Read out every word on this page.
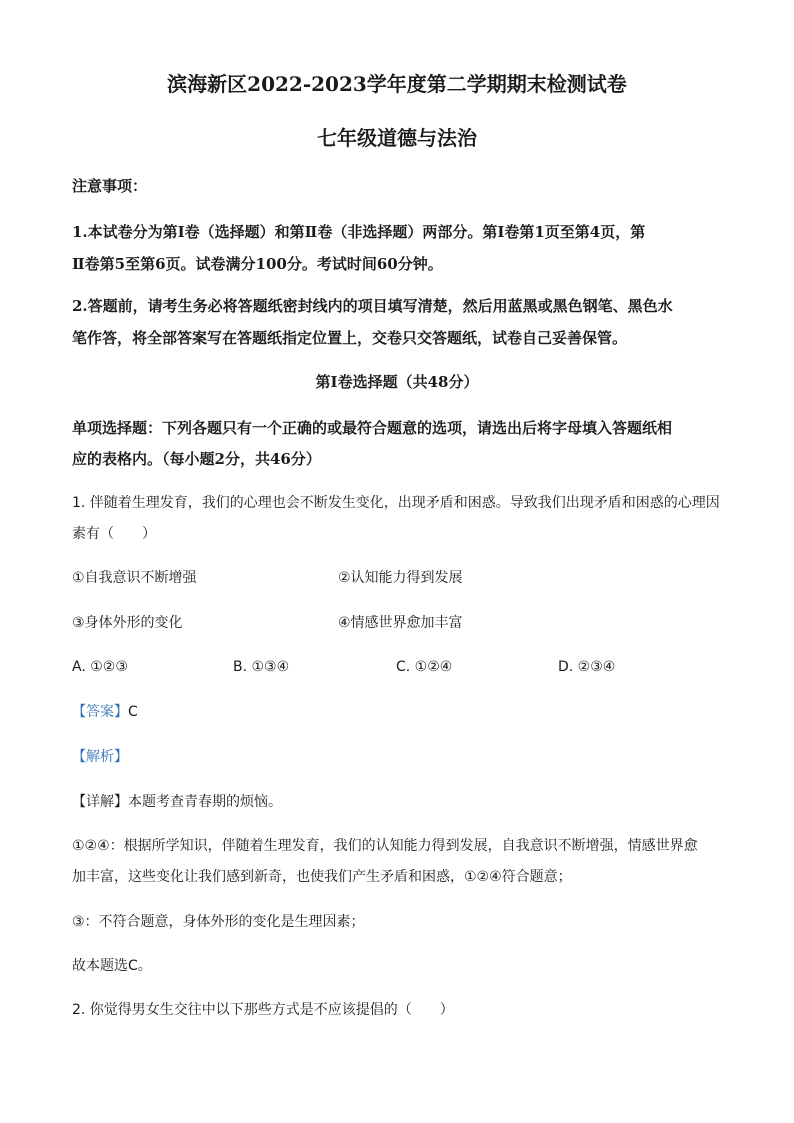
滨海新区2022-2023学年度第二学期期末检测试卷
七年级道德与法治
注意事项：
1.本试卷分为第Ⅰ卷（选择题）和第Ⅱ卷（非选择题）两部分。第Ⅰ卷第1页至第4页，第
Ⅱ卷第5至第6页。试卷满分100分。考试时间60分钟。
2.答题前，请考生务必将答题纸密封线内的项目填写清楚，然后用蓝黑或黑色钢笔、黑色水
笔作答，将全部答案写在答题纸指定位置上，交卷只交答题纸，试卷自己妥善保管。
第Ⅰ卷选择题（共48分）
单项选择题：下列各题只有一个正确的或最符合题意的选项，请选出后将字母填入答题纸相
应的表格内。（每小题2分，共46分）
1. 伴随着生理发育，我们的心理也会不断发生变化，出现矛盾和困惑。导致我们出现矛盾和困惑的心理因
素有（　　）
①自我意识不断增强	②认知能力得到发展
③身体外形的变化	④情感世界愈加丰富
A. ①②③	B. ①③④	C. ①②④	D. ②③④
【答案】C
【解析】
【详解】本题考查青春期的烦恼。
①②④：根据所学知识，伴随着生理发育，我们的认知能力得到发展，自我意识不断增强，情感世界愈
加丰富，这些变化让我们感到新奇，也使我们产生矛盾和困惑，①②④符合题意；
③：不符合题意，身体外形的变化是生理因素；
故本题选C。
2. 你觉得男女生交往中以下那些方式是不应该提倡的（　　）
